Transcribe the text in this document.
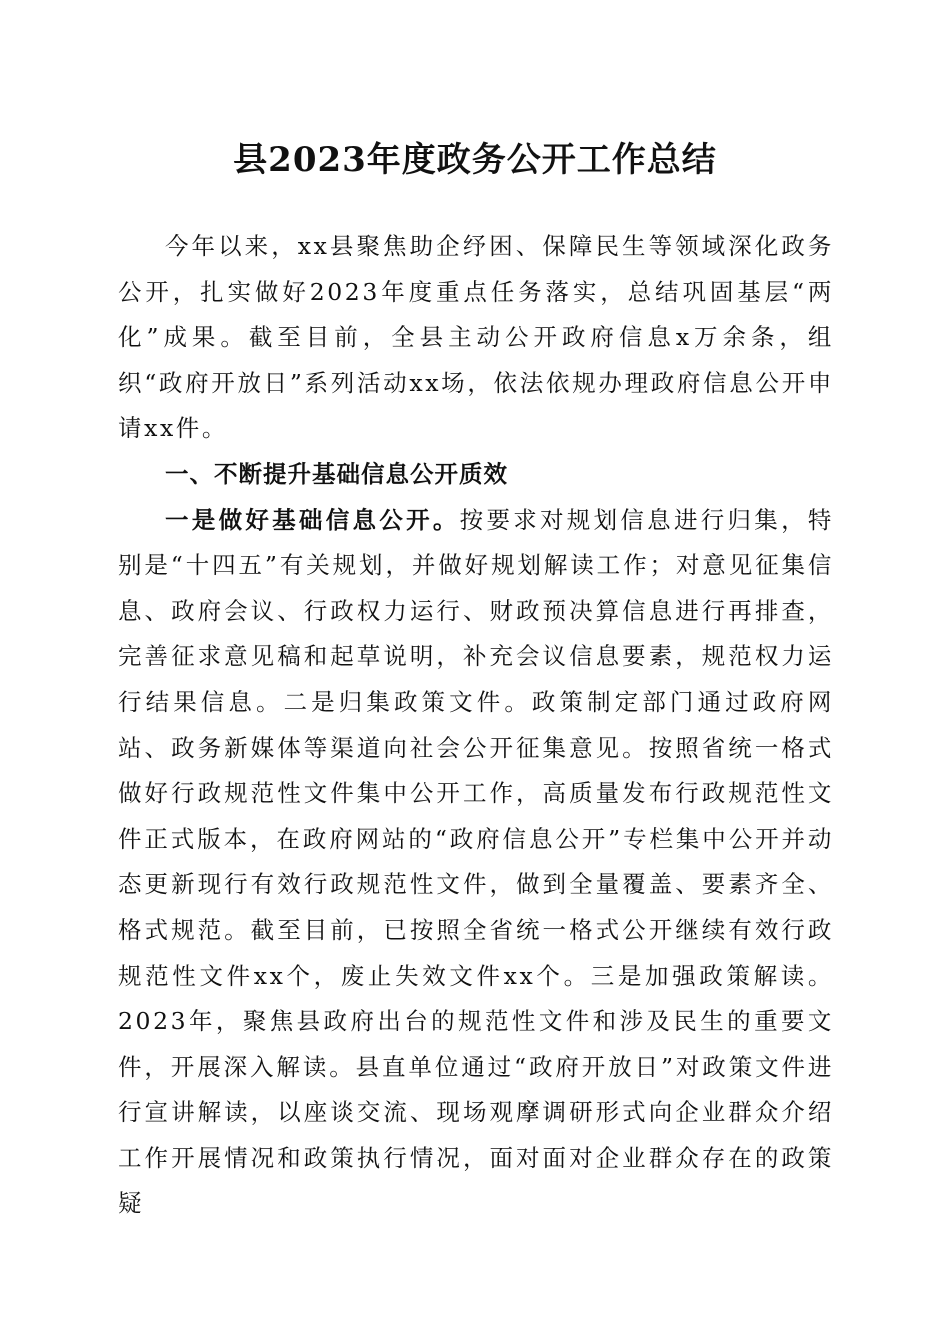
县2023年度政务公开工作总结

今年以来，xx县聚焦助企纾困、保障民生等领域深化政务公开，扎实做好2023年度重点任务落实，总结巩固基层“两化”成果。截至目前，全县主动公开政府信息x万余条，组织“政府开放日”系列活动xx场，依法依规办理政府信息公开申请xx件。

一、不断提升基础信息公开质效

一是做好基础信息公开。按要求对规划信息进行归集，特别是“十四五”有关规划，并做好规划解读工作；对意见征集信息、政府会议、行政权力运行、财政预决算信息进行再排查，完善征求意见稿和起草说明，补充会议信息要素，规范权力运行结果信息。二是归集政策文件。政策制定部门通过政府网站、政务新媒体等渠道向社会公开征集意见。按照省统一格式做好行政规范性文件集中公开工作，高质量发布行政规范性文件正式版本，在政府网站的“政府信息公开”专栏集中公开并动态更新现行有效行政规范性文件，做到全量覆盖、要素齐全、格式规范。截至目前，已按照全省统一格式公开继续有效行政规范性文件xx个，废止失效文件xx个。三是加强政策解读。2023年，聚焦县政府出台的规范性文件和涉及民生的重要文件，开展深入解读。县直单位通过“政府开放日”对政策文件进行宣讲解读，以座谈交流、现场观摩调研形式向企业群众介绍工作开展情况和政策执行情况，面对面对企业群众存在的政策疑
